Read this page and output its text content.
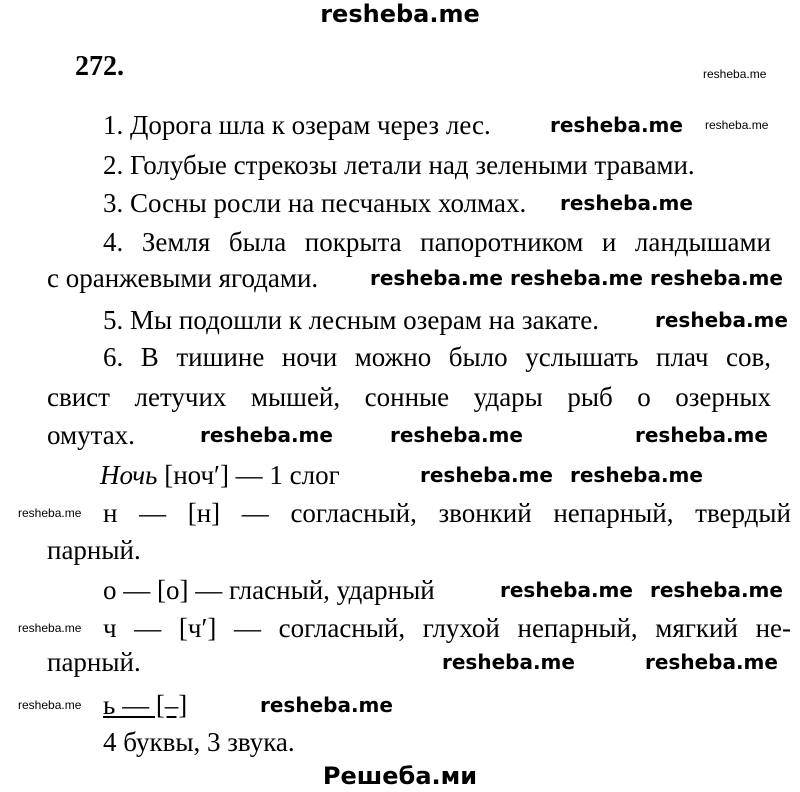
resheba.me
272.
1. Дорога шла к озерам через лес.
2. Голубые стрекозы летали над зелеными травами.
3. Сосны росли на песчаных холмах.
4. Земля была покрыта папоротником и ландышами
с оранжевыми ягодами.
5. Мы подошли к лесным озерам на закате.
6. В тишине ночи можно было услышать плач сов,
свист летучих мышей, сонные удары рыб о озерных
омутах.
Ночь [ноч′] — 1 слог
н — [н] — согласный, звонкий непарный, твердый
парный.
о — [о] — гласный, ударный
ч — [ч′] — согласный, глухой непарный, мягкий не-
парный.
ь — [–]
4 буквы, 3 звука.
resheba.me
resheba.me
resheba.me
resheba.me
resheba.me resheba.me resheba.me
resheba.me
resheba.me	resheba.me	resheba.me
resheba.me
resheba.me
resheba.me
resheba.me
resheba.me
resheba.me
resheba.me
resheba.me	resheba.me
resheba.me
Решеба.ми
